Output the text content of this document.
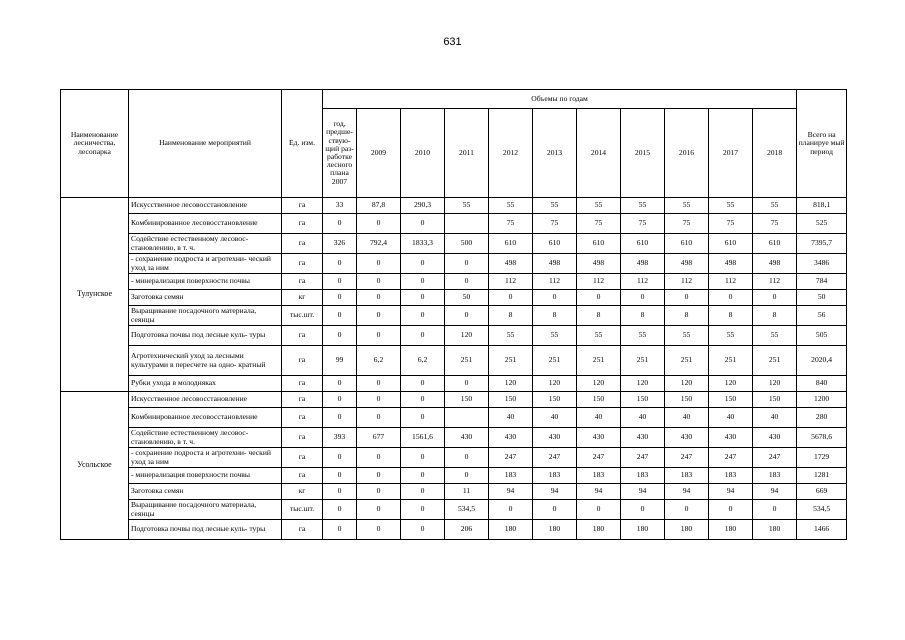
631
Наименование лесничества, лесопарка	Наименование мероприятий	Ед. изм.	Объемы по годам											Всего на планируе мый период
			год, предше- ствую- щий раз- работке лесного плана 2007	2009	2010	2011	2012	2013	2014	2015	2016	2017	2018	
Тулунское	Искусственное лесовосстановление	га	33	87,8	290,3	55	55	55	55	55	55	55	55	818,1
	Комбинированное лесовосстановление	га	0	0	0		75	75	75	75	75	75	75	525
	Содействие естественному лесовос- становлению, в т. ч.	га	326	792,4	1833,3	500	610	610	610	610	610	610	610	7395,7
	- сохранение подроста и агротехни- ческий уход за ним	га	0	0	0	0	498	498	498	498	498	498	498	3486
	- минерализация поверхности почвы	га	0	0	0	0	112	112	112	112	112	112	112	784
	Заготовка семян	кг	0	0	0	50	0	0	0	0	0	0	0	50
	Выращивание посадочного материала, сеянцы	тыс.шт.	0	0	0	0	8	8	8	8	8	8	8	56
	Подготовка почвы под лесные куль- туры	га	0	0	0	120	55	55	55	55	55	55	55	505
	Агротехнический уход за лесными культурами в пересчете на одно- кратный	га	99	6,2	6,2	251	251	251	251	251	251	251	251	2020,4
	Рубки ухода в молодняках	га	0	0	0	0	120	120	120	120	120	120	120	840
Усольское	Искусственное лесовосстановление	га	0	0	0	150	150	150	150	150	150	150	150	1200
	Комбинированное лесовосстановление	га	0	0	0		40	40	40	40	40	40	40	280
	Содействие естественному лесовос- становлению, в т. ч.	га	393	677	1561,6	430	430	430	430	430	430	430	430	5678,6
	- сохранение подроста и агротехни- ческий уход за ним	га	0	0	0	0	247	247	247	247	247	247	247	1729
	- минерализация поверхности почвы	га	0	0	0	0	183	183	183	183	183	183	183	1281
	Заготовка семян	кг	0	0	0	11	94	94	94	94	94	94	94	669
	Выращивание посадочного материала, сеянцы	тыс.шт.	0	0	0	534,5	0	0	0	0	0	0	0	534,5
	Подготовка почвы под лесные куль- туры	га	0	0	0	206	180	180	180	180	180	180	180	1466
